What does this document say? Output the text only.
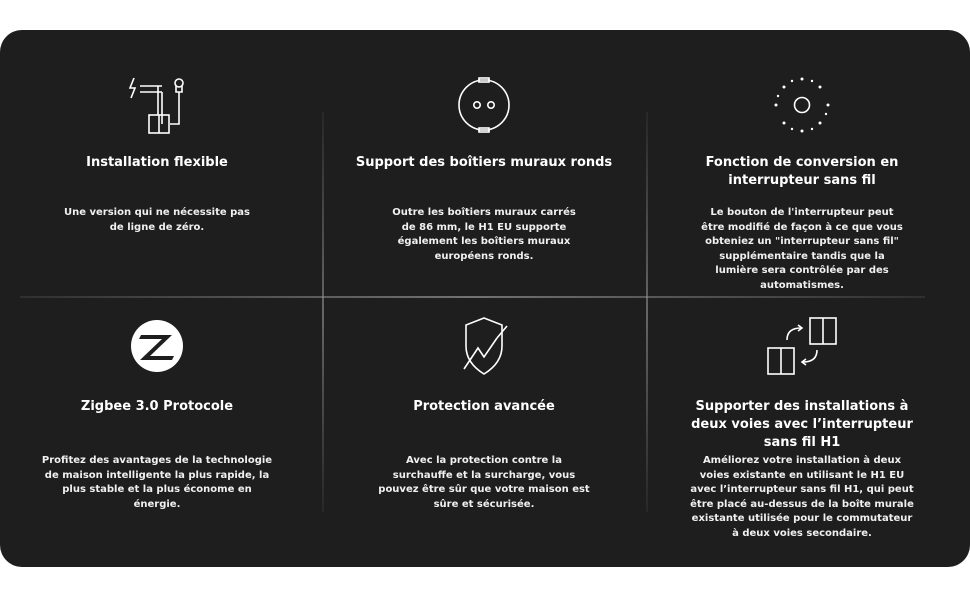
Installation flexible

Une version qui ne nécessite pas de ligne de zéro.

Support des boîtiers muraux ronds

Outre les boîtiers muraux carrés de 86 mm, le H1 EU supporte également les boîtiers muraux européens ronds.

Fonction de conversion en interrupteur sans fil

Le bouton de l'interrupteur peut être modifié de façon à ce que vous obteniez un "interrupteur sans fil" supplémentaire tandis que la lumière sera contrôlée par des automatismes.

Zigbee 3.0 Protocole

Profitez des avantages de la technologie de maison intelligente la plus rapide, la plus stable et la plus économe en énergie.

Protection avancée

Avec la protection contre la surchauffe et la surcharge, vous pouvez être sûr que votre maison est sûre et sécurisée.

Supporter des installations à deux voies avec l’interrupteur sans fil H1

Améliorez votre installation à deux voies existante en utilisant le H1 EU avec l’interrupteur sans fil H1, qui peut être placé au-dessus de la boîte murale existante utilisée pour le commutateur à deux voies secondaire.
